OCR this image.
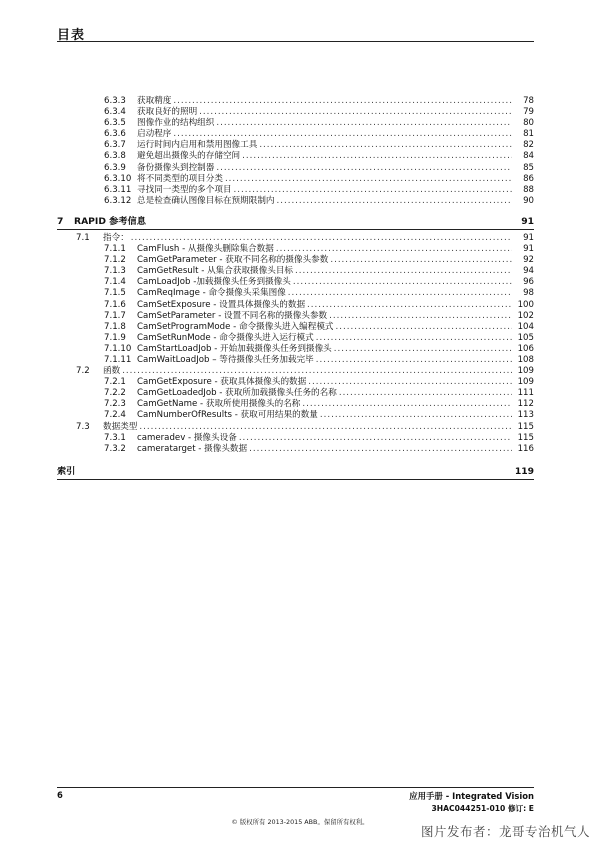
目表
6.3.3 获取精度 .....	78
6.3.4 获取良好的照明 .....	79
6.3.5 图像作业的结构组织 .....	80
6.3.6 启动程序 .....	81
6.3.7 运行时间内启用和禁用图像工具 .....	82
6.3.8 避免超出摄像头的存储空间 .....	84
6.3.9 备份摄像头到控制器 .....	85
6.3.10 将不同类型的项目分类 .....	86
6.3.11 寻找同一类型的多个项目 .....	88
6.3.12 总是检查确认图像目标在预期限制内 .....	90
7 RAPID 参考信息	91
7.1 指令： .....	91
7.1.1 CamFlush - 从摄像头删除集合数据 .....	91
7.1.2 CamGetParameter - 获取不同名称的摄像头参数 .....	92
7.1.3 CamGetResult - 从集合获取摄像头目标 .....	94
7.1.4 CamLoadJob -加载摄像头任务到摄像头 .....	96
7.1.5 CamReqImage - 命令摄像头采集图像 .....	98
7.1.6 CamSetExposure - 设置具体摄像头的数据 .....	100
7.1.7 CamSetParameter - 设置不同名称的摄像头参数 .....	102
7.1.8 CamSetProgramMode - 命令摄像头进入编程模式 .....	104
7.1.9 CamSetRunMode - 命令摄像头进入运行模式 .....	105
7.1.10 CamStartLoadJob - 开始加载摄像头任务到摄像头 .....	106
7.1.11 CamWaitLoadJob – 等待摄像头任务加载完毕 .....	108
7.2 函数 .....	109
7.2.1 CamGetExposure - 获取具体摄像头的数据 .....	109
7.2.2 CamGetLoadedJob - 获取所加载摄像头任务的名称 .....	111
7.2.3 CamGetName - 获取所使用摄像头的名称 .....	112
7.2.4 CamNumberOfResults - 获取可用结果的数量 .....	113
7.3 数据类型 .....	115
7.3.1 cameradev - 摄像头设备 .....	115
7.3.2 cameratarget - 摄像头数据 .....	116
索引	119
6	应用手册 - Integrated Vision
3HAC044251-010 修订: E
© 版权所有 2013-2015 ABB。保留所有权利。
图片发布者：龙哥专治机气人
